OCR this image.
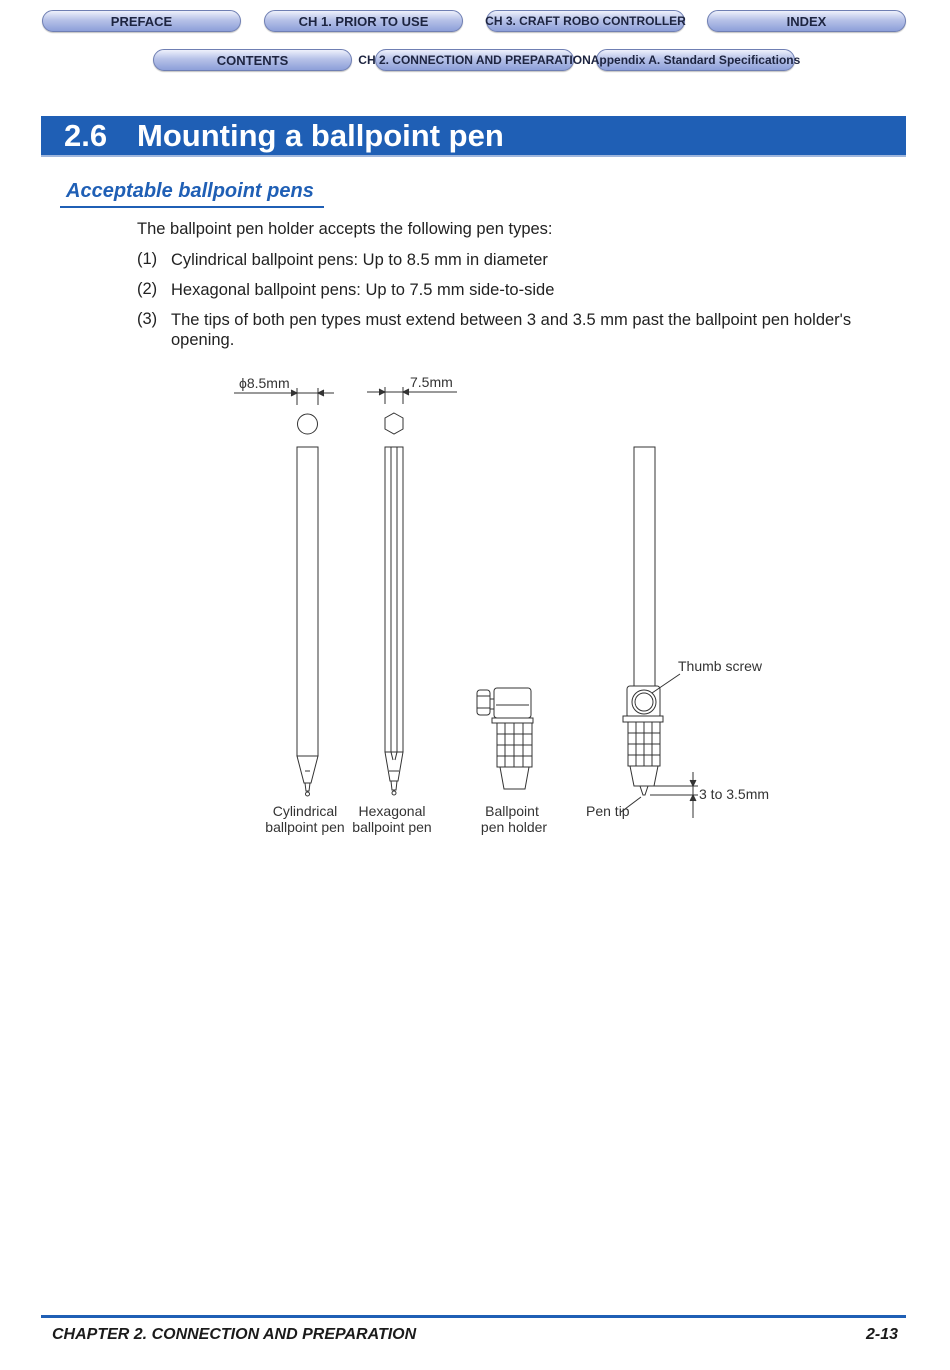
PREFACE	CH 1. PRIOR TO USE	CH 3. CRAFT ROBO CONTROLLER	INDEX
CONTENTS	CH 2. CONNECTION AND PREPARATION Appendix A. Standard Specifications
2.6 Mounting a ballpoint pen
Acceptable ballpoint pens
The ballpoint pen holder accepts the following pen types:
(1) Cylindrical ballpoint pens: Up to 8.5 mm in diameter
(2) Hexagonal ballpoint pens: Up to 7.5 mm side-to-side
(3) The tips of both pen types must extend between 3 and 3.5 mm past the ballpoint pen holder's opening.
ϕ8.5mm	7.5mm
Thumb screw
3 to 3.5mm
Pen tip
Cylindrical
ballpoint pen
Hexagonal
ballpoint pen
Ballpoint
pen holder
CHAPTER 2. CONNECTION AND PREPARATION	2-13
